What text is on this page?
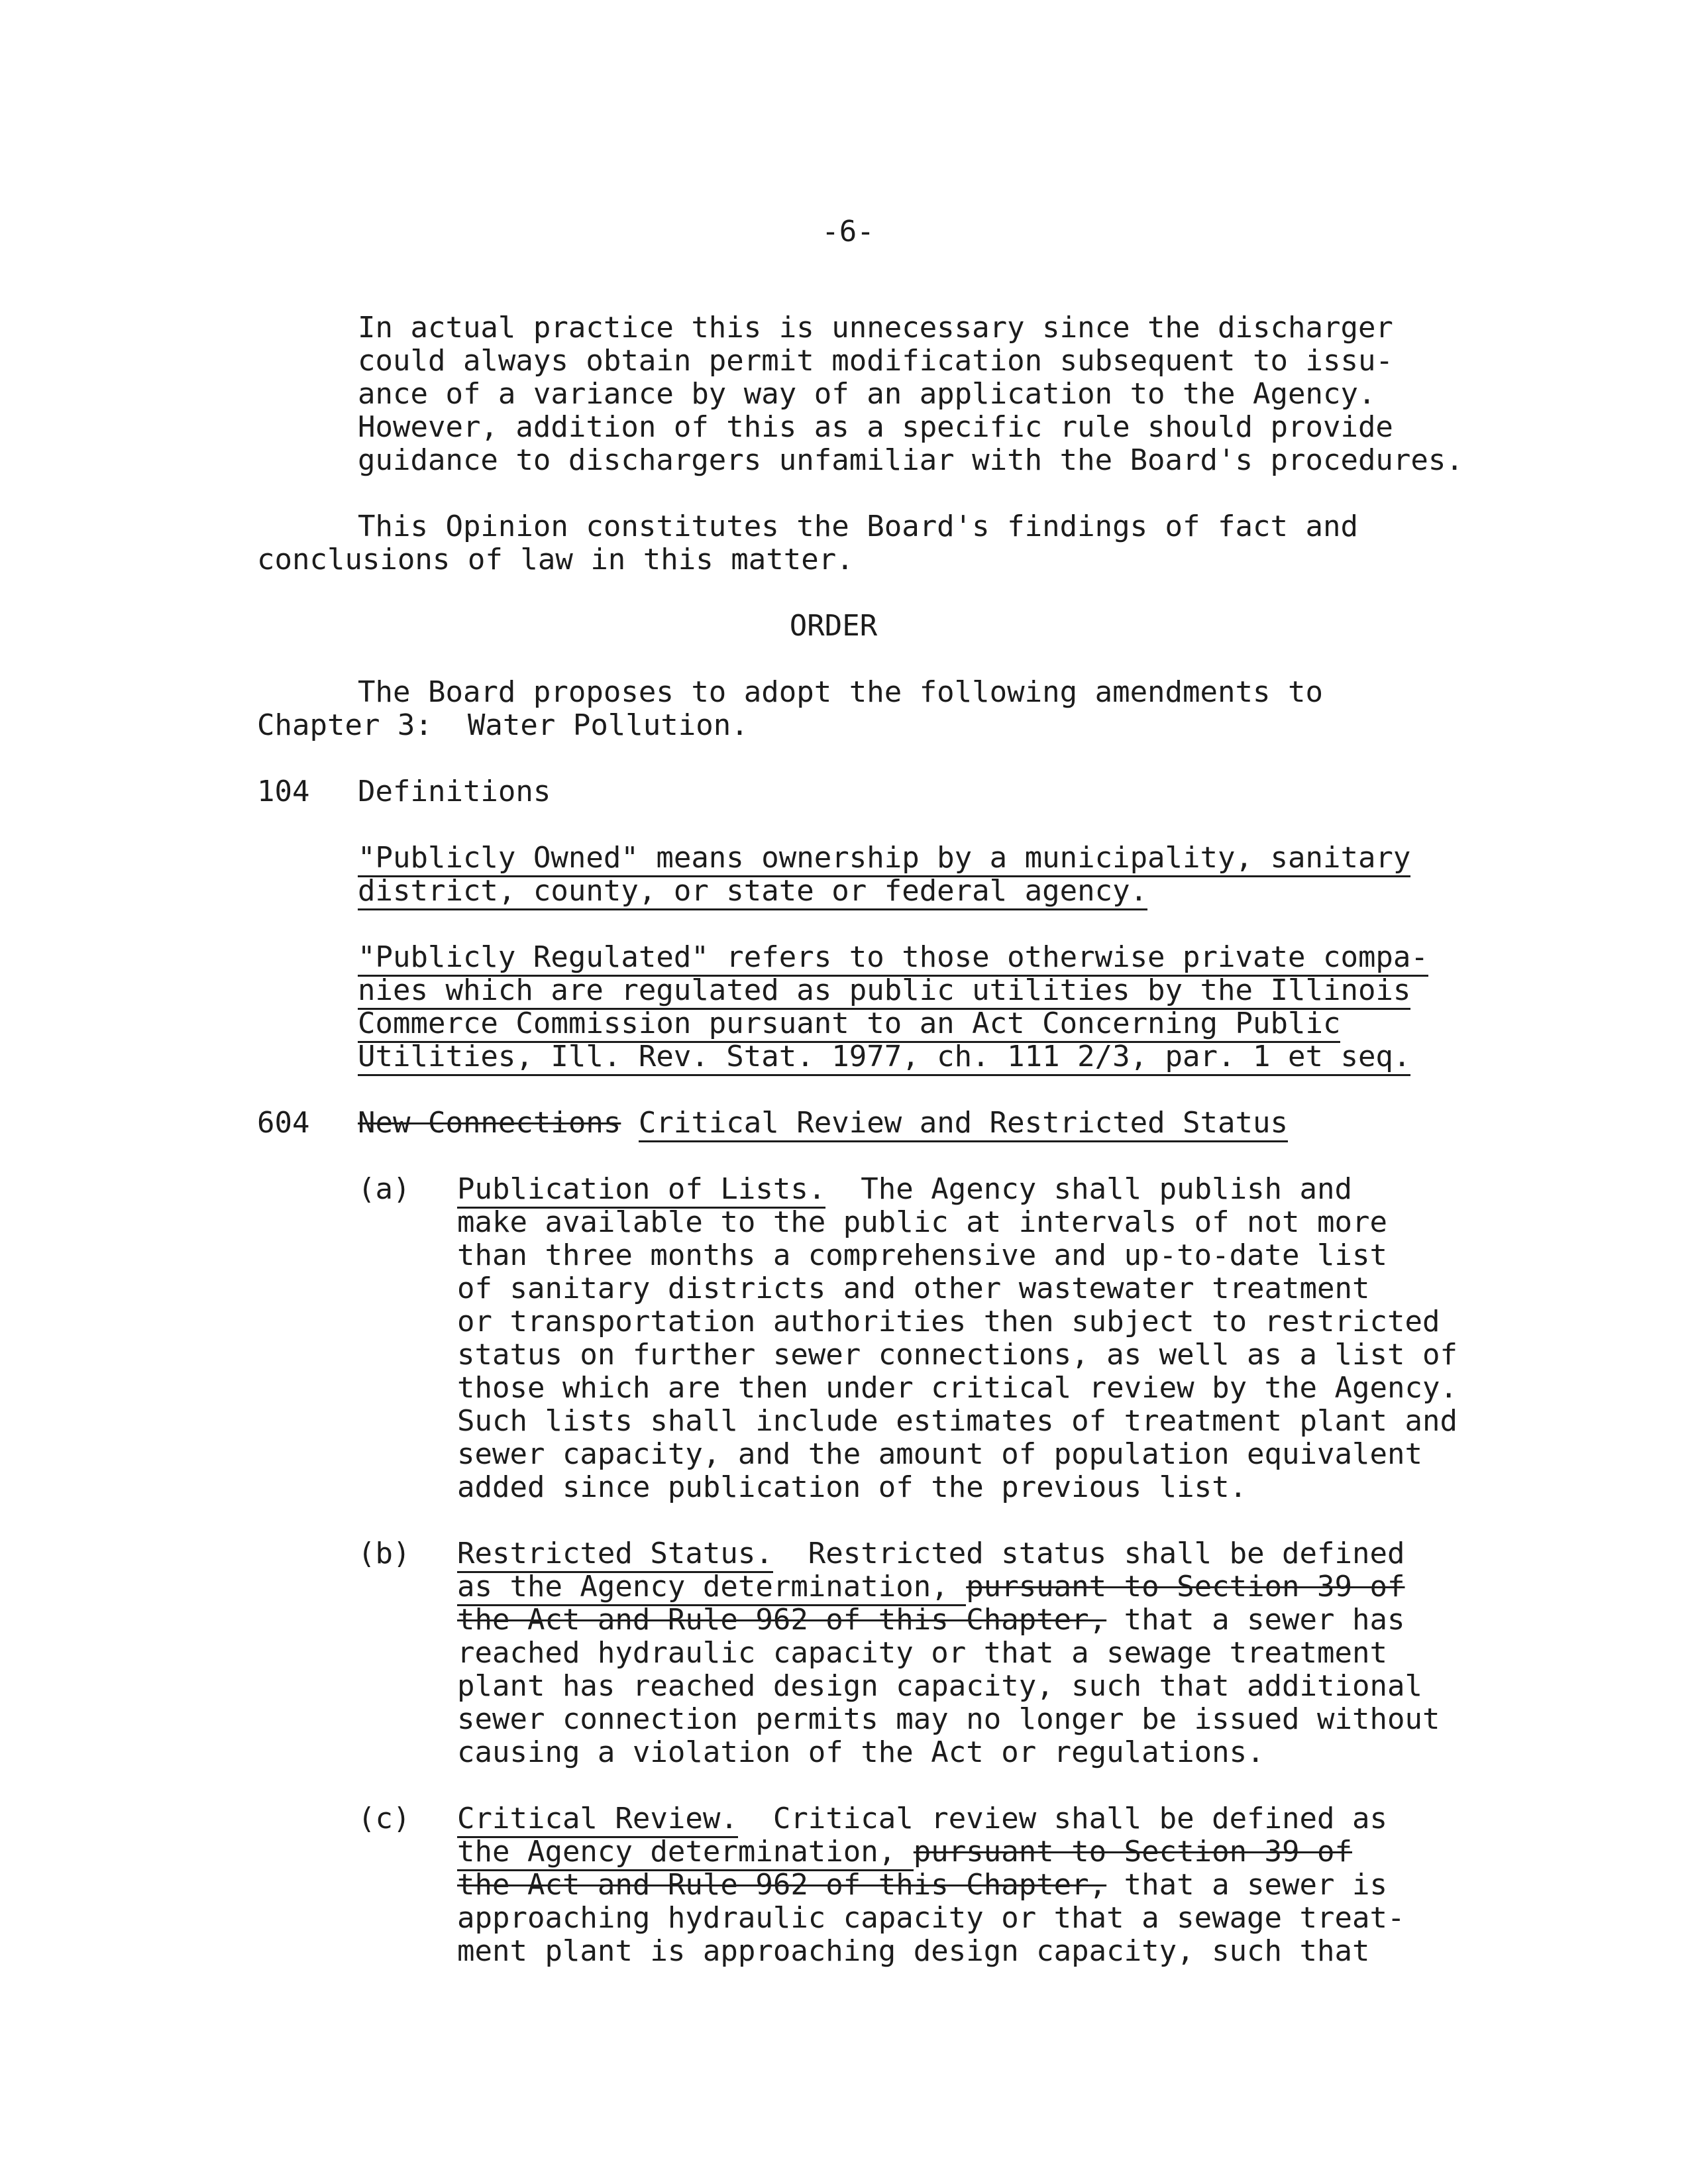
-6-
In actual practice this is unnecessary since the discharger
could always obtain permit modification subsequent to issu-
ance of a variance by way of an application to the Agency.
However, addition of this as a specific rule should provide
guidance to dischargers unfamiliar with the Board's procedures.
This Opinion constitutes the Board's findings of fact and
conclusions of law in this matter.
ORDER
The Board proposes to adopt the following amendments to
Chapter 3:  Water Pollution.
104 Definitions
"Publicly Owned" means ownership by a municipality, sanitary
district, county, or state or federal agency.
"Publicly Regulated" refers to those otherwise private compa-
nies which are regulated as public utilities by the Illinois
Commerce Commission pursuant to an Act Concerning Public
Utilities, Ill. Rev. Stat. 1977, ch. 111 2/3, par. 1 et seq.
604 New Connections Critical Review and Restricted Status
(a) Publication of Lists.  The Agency shall publish and
make available to the public at intervals of not more
than three months a comprehensive and up-to-date list
of sanitary districts and other wastewater treatment
or transportation authorities then subject to restricted
status on further sewer connections, as well as a list of
those which are then under critical review by the Agency.
Such lists shall include estimates of treatment plant and
sewer capacity, and the amount of population equivalent
added since publication of the previous list.
(b) Restricted Status.  Restricted status shall be defined
as the Agency determination, pursuant to Section 39 of
the Act and Rule 962 of this Chapter, that a sewer has
reached hydraulic capacity or that a sewage treatment
plant has reached design capacity, such that additional
sewer connection permits may no longer be issued without
causing a violation of the Act or regulations.
(c) Critical Review.  Critical review shall be defined as
the Agency determination, pursuant to Section 39 of
the Act and Rule 962 of this Chapter, that a sewer is
approaching hydraulic capacity or that a sewage treat-
ment plant is approaching design capacity, such that
